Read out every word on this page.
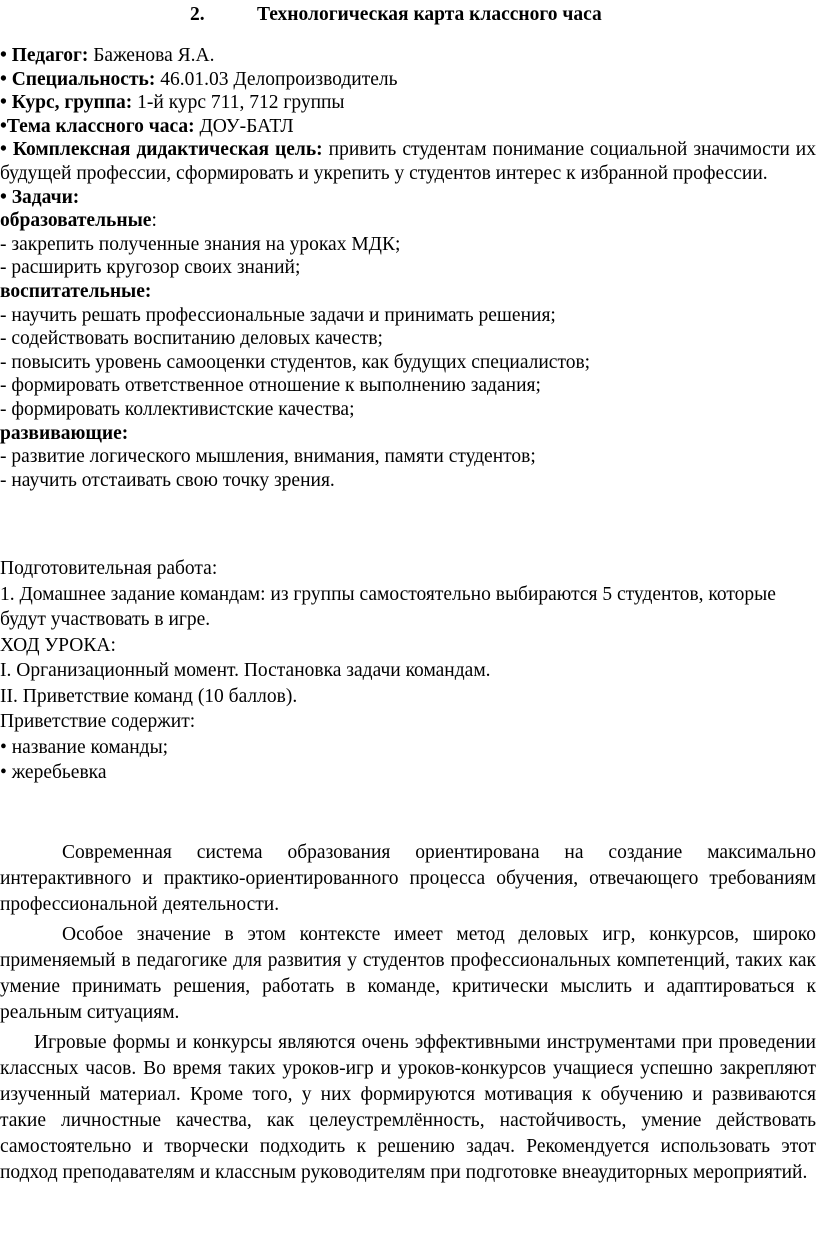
2.	Технологическая карта классного часа

• Педагог: Баженова Я.А.

• Специальность: 46.01.03 Делопроизводитель

• Курс, группа: 1-й курс 711, 712 группы

•Тема классного часа: ДОУ-БАТЛ

• Комплексная дидактическая цель: привить студентам понимание социальной значимости их будущей профессии, сформировать и укрепить у студентов интерес к избранной профессии.

• Задачи:

образовательные:

- закрепить полученные знания на уроках МДК;

- расширить кругозор своих знаний;

воспитательные:

- научить решать профессиональные задачи и принимать решения;

- содействовать воспитанию деловых качеств;

- повысить уровень самооценки студентов, как будущих специалистов;

- формировать ответственное отношение к выполнению задания;

- формировать коллективистские качества;

развивающие:

- развитие логического мышления, внимания, памяти студентов;

- научить отстаивать свою точку зрения.

Подготовительная работа:

1. Домашнее задание командам: из группы самостоятельно выбираются 5 студентов, которые будут участвовать в игре.

ХОД УРОКА:

I. Организационный момент. Постановка задачи командам.

II. Приветствие команд (10 баллов).

Приветствие содержит:

• название команды;

• жеребьевка

Современная система образования ориентирована на создание максимально интерактивного и практико-ориентированного процесса обучения, отвечающего требованиям профессиональной деятельности.

Особое значение в этом контексте имеет метод деловых игр, конкурсов, широко применяемый в педагогике для развития у студентов профессиональных компетенций, таких как умение принимать решения, работать в команде, критически мыслить и адаптироваться к реальным ситуациям.

Игровые формы и конкурсы являются очень эффективными инструментами при проведении классных часов. Во время таких уроков-игр и уроков-конкурсов учащиеся успешно закрепляют изученный материал. Кроме того, у них формируются мотивация к обучению и развиваются такие личностные качества, как целеустремлённость, настойчивость, умение действовать самостоятельно и творчески подходить к решению задач. Рекомендуется использовать этот подход преподавателям и классным руководителям при подготовке внеаудиторных мероприятий.
